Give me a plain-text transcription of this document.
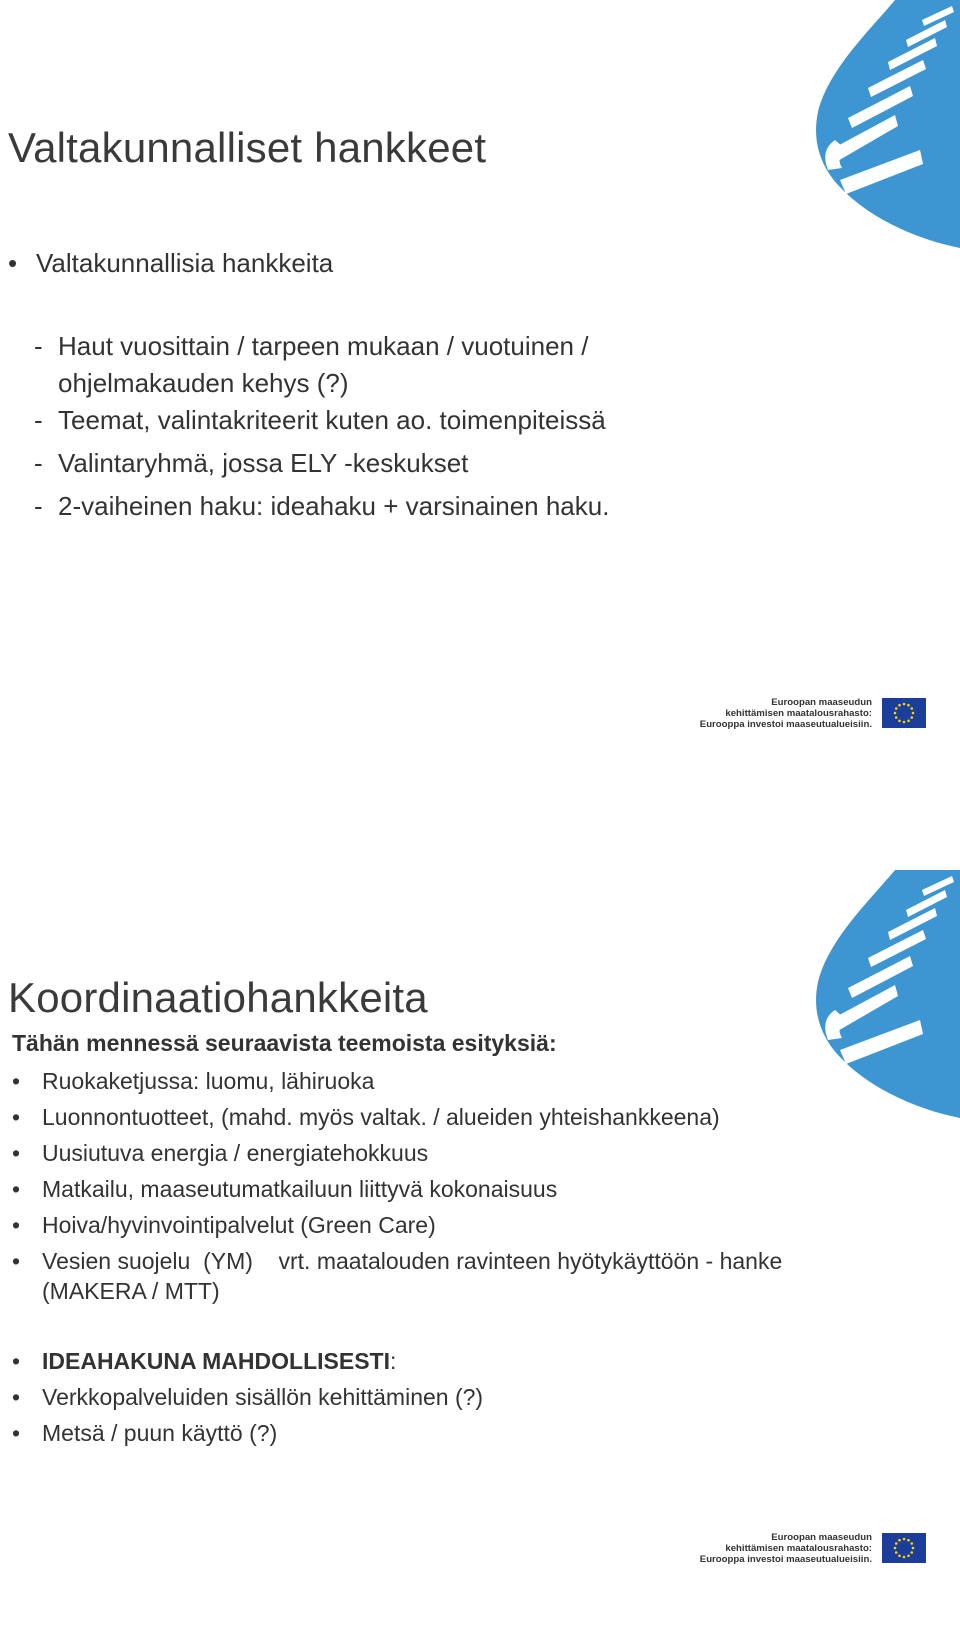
Valtakunnalliset hankkeet
• Valtakunnallisia hankkeita
- Haut vuosittain / tarpeen mukaan / vuotuinen /
ohjelmakauden kehys (?)
- Teemat, valintakriteerit kuten ao. toimenpiteissä
- Valintaryhmä, jossa ELY -keskukset
- 2-vaiheinen haku: ideahaku + varsinainen haku.
Euroopan maaseudun
kehittämisen maatalousrahasto:
Eurooppa investoi maaseutualueisiin.
Koordinaatiohankkeita
Tähän mennessä seuraavista teemoista esityksiä:
• Ruokaketjussa: luomu, lähiruoka
• Luonnontuotteet, (mahd. myös valtak. / alueiden yhteishankkeena)
• Uusiutuva energia / energiatehokkuus
• Matkailu, maaseutumatkailuun liittyvä kokonaisuus
• Hoiva/hyvinvointipalvelut (Green Care)
• Vesien suojelu  (YM)    vrt. maatalouden ravinteen hyötykäyttöön - hanke (MAKERA / MTT)
• IDEAHAKUNA MAHDOLLISESTI:
• Verkkopalveluiden sisällön kehittäminen (?)
• Metsä / puun käyttö (?)
Euroopan maaseudun
kehittämisen maatalousrahasto:
Eurooppa investoi maaseutualueisiin.
